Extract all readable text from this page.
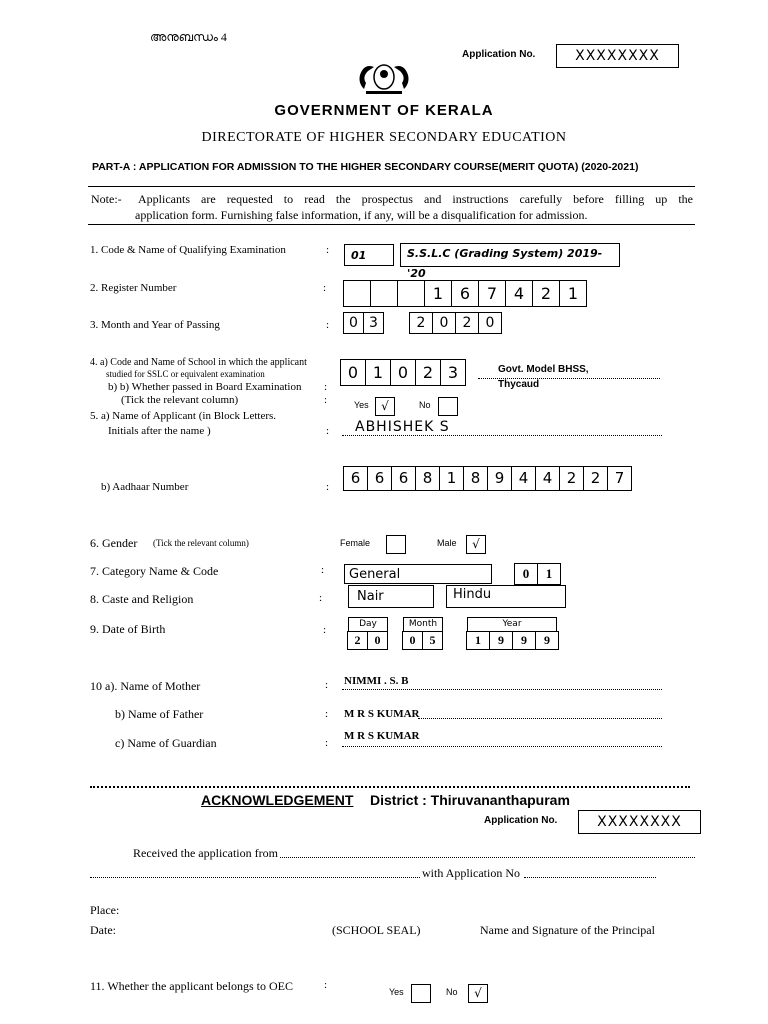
അനുബന്ധം 4
Application No.	XXXXXXXX
GOVERNMENT OF KERALA
DIRECTORATE OF HIGHER SECONDARY EDUCATION
PART-A : APPLICATION FOR ADMISSION TO THE HIGHER SECONDARY COURSE(MERIT QUOTA) (2020-2021)
Note:- Applicants are requested to read the prospectus and instructions carefully before filling up the
application form. Furnishing false information, if any, will be a disqualification for admission.
1. Code & Name of Qualifying Examination	:	01	S.S.L.C (Grading System) 2019-'20
2. Register Number	:	1	6	7	4	2	1
3. Month and Year of Passing	:	0 3	2	0	2	0
4. a) Code and Name of School in which the applicant
studied for SSLC or equivalent examination
b) b) Whether passed in Board Examination :
(Tick the relevant column)	:
0 1 0 2 3	Govt. Model BHSS,
Thycaud
Yes	√	No
5. a) Name of Applicant (in Block Letters.
Initials after the name )	: ABHISHEK S
b) Aadhaar Number	:	6 6 6 8 1 8 9 4 4 2 2 7
6. Gender (Tick the relevant column)	Female	Male	√
7. Category Name & Code	:	General	0	1
8. Caste and Religion	:	Nair	Hindu
9. Date of Birth	:	Day
2	0
Month
0	5
Year
1	9	9	9
10 a). Name of Mother	: NIMMI . S. B
b) Name of Father	: M R S KUMAR
c) Name of Guardian	:
M R S KUMAR
ACKNOWLEDGEMENT District : Thiruvananthapuram
Application No.	XXXXXXXX
Received the application from
with Application No
Place:
Date:	(SCHOOL SEAL)	Name and Signature of the Principal
11. Whether the applicant belongs to OEC	:
Yes	No	√
